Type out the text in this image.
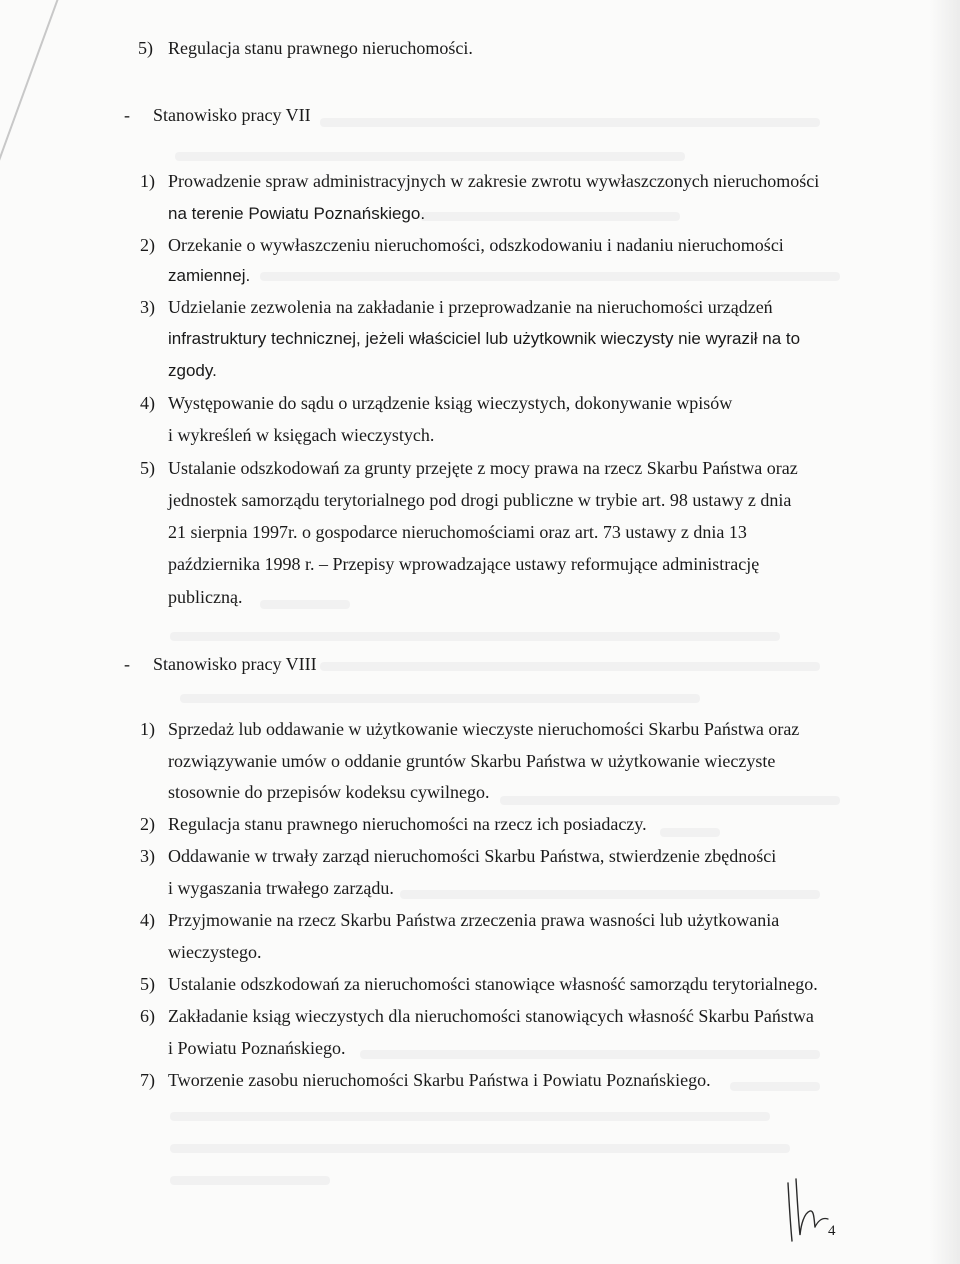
5) Regulacja stanu prawnego nieruchomości.
- Stanowisko pracy VII
1) Prowadzenie spraw administracyjnych w zakresie zwrotu wywłaszczonych nieruchomości
na terenie Powiatu Poznańskiego.
2) Orzekanie o wywłaszczeniu nieruchomości, odszkodowaniu i nadaniu nieruchomości
zamiennej.
3) Udzielanie zezwolenia na zakładanie i przeprowadzanie na nieruchomości urządzeń
infrastruktury technicznej, jeżeli właściciel lub użytkownik wieczysty nie wyraził na to
zgody.
4) Występowanie do sądu o urządzenie ksiąg wieczystych, dokonywanie wpisów
i wykreśleń w księgach wieczystych.
5) Ustalanie odszkodowań za grunty przejęte z mocy prawa na rzecz Skarbu Państwa oraz
jednostek samorządu terytorialnego pod drogi publiczne w trybie art. 98 ustawy z dnia
21 sierpnia 1997r. o gospodarce nieruchomościami oraz art. 73 ustawy z dnia 13
października 1998 r. – Przepisy wprowadzające ustawy reformujące administrację
publiczną.
- Stanowisko pracy VIII
1) Sprzedaż lub oddawanie w użytkowanie wieczyste nieruchomości Skarbu Państwa oraz
rozwiązywanie umów o oddanie gruntów Skarbu Państwa w użytkowanie wieczyste
stosownie do przepisów kodeksu cywilnego.
2) Regulacja stanu prawnego nieruchomości na rzecz ich posiadaczy.
3) Oddawanie w trwały zarząd nieruchomości Skarbu Państwa, stwierdzenie zbędności
i wygaszania trwałego zarządu.
4) Przyjmowanie na rzecz Skarbu Państwa zrzeczenia prawa wasności lub użytkowania
wieczystego.
5) Ustalanie odszkodowań za nieruchomości stanowiące własność samorządu terytorialnego.
6) Zakładanie ksiąg wieczystych dla nieruchomości stanowiących własność Skarbu Państwa
i Powiatu Poznańskiego.
7) Tworzenie zasobu nieruchomości Skarbu Państwa i Powiatu Poznańskiego.
4
